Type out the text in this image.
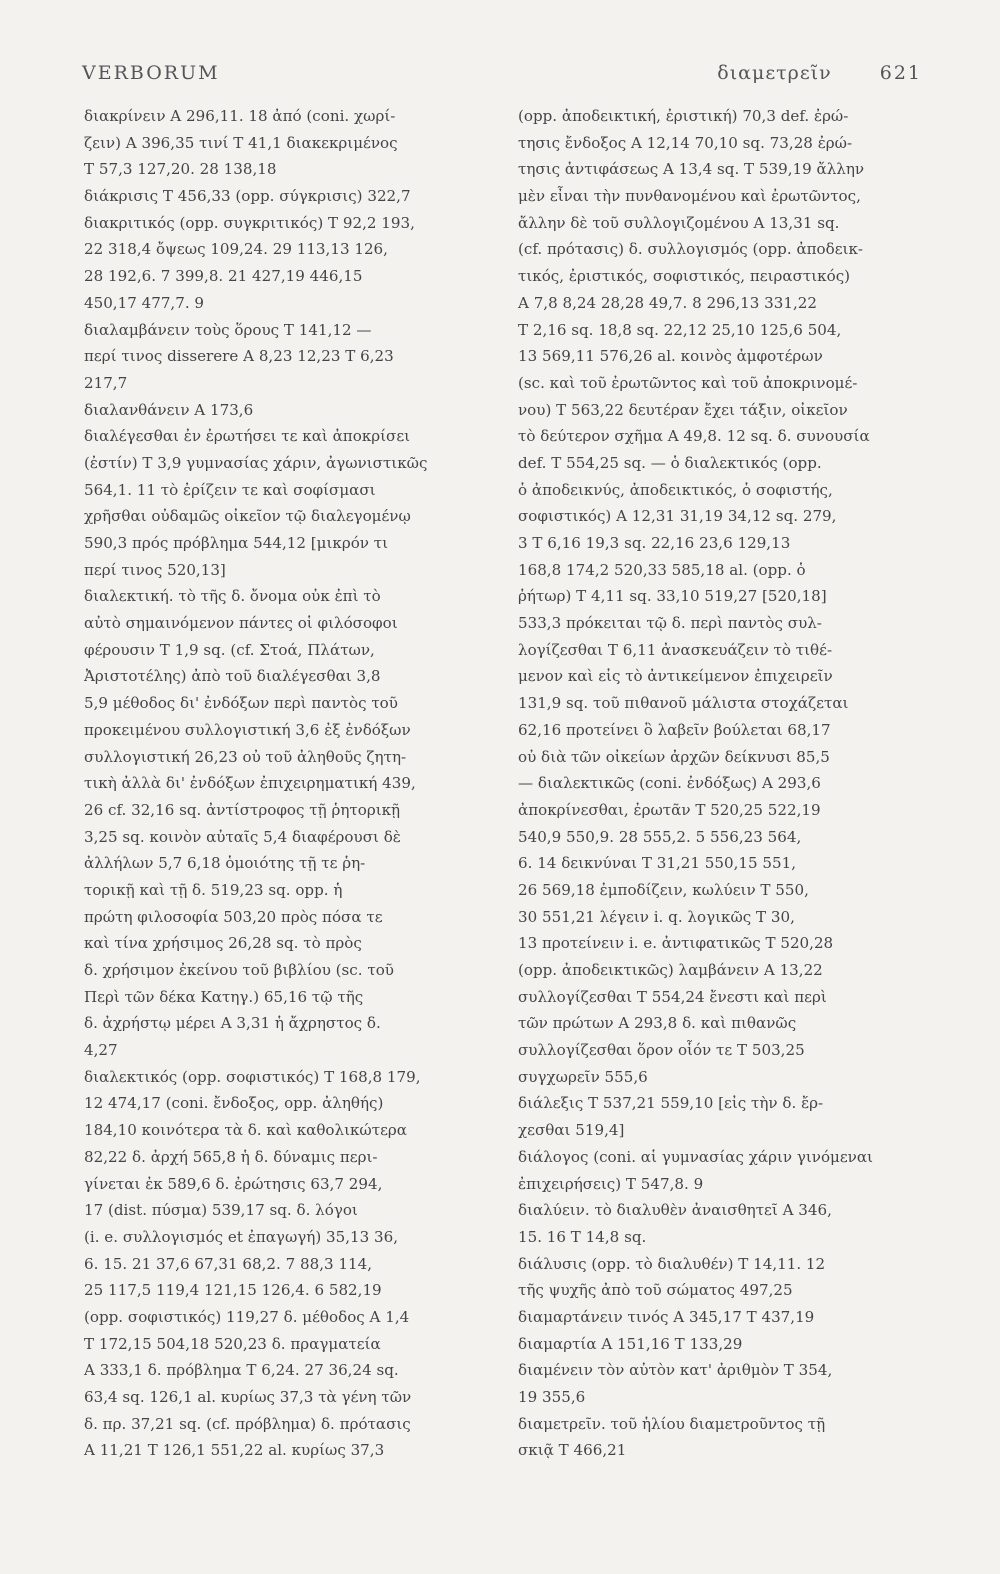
VERBORUM	διαμετρεῖν	621
διακρίνειν Α 296,11. 18 ἀπό (coni. χωρί-
ζειν) Α 396,35 τινί Τ 41,1 διακεκριμένος
Τ 57,3 127,20. 28 138,18
διάκρισις Τ 456,33 (opp. σύγκρισις) 322,7
διακριτικός (opp. συγκριτικός) Τ 92,2 193,
22 318,4 ὄψεως 109,24. 29 113,13 126,
28 192,6. 7 399,8. 21 427,19 446,15
450,17 477,7. 9
διαλαμβάνειν τοὺς ὅρους Τ 141,12 —
περί τινος disserere Α 8,23 12,23 Τ 6,23
217,7
διαλανθάνειν Α 173,6
διαλέγεσθαι ἐν ἐρωτήσει τε καὶ ἀποκρίσει
(ἐστίν) Τ 3,9 γυμνασίας χάριν, ἀγωνιστικῶς
564,1. 11 τὸ ἐρίζειν τε καὶ σοφίσμασι
χρῆσθαι οὐδαμῶς οἰκεῖον τῷ διαλεγομένῳ
590,3 πρός πρόβλημα 544,12 [μικρόν τι
περί τινος 520,13]
διαλεκτική. τὸ τῆς δ. ὄνομα οὐκ ἐπὶ τὸ
αὐτὸ σημαινόμενον πάντες οἱ φιλόσοφοι
φέρουσιν Τ 1,9 sq. (cf. Στοά, Πλάτων,
Ἀριστοτέλης) ἀπὸ τοῦ διαλέγεσθαι 3,8
5,9 μέθοδος δι' ἐνδόξων περὶ παντὸς τοῦ
προκειμένου συλλογιστική 3,6 ἐξ ἐνδόξων
συλλογιστική 26,23 οὐ τοῦ ἀληθοῦς ζητη-
τικὴ ἀλλὰ δι' ἐνδόξων ἐπιχειρηματική 439,
26 cf. 32,16 sq. ἀντίστροφος τῇ ῥητορικῇ
3,25 sq. κοινὸν αὐταῖς 5,4 διαφέρουσι δὲ
ἀλλήλων 5,7 6,18 ὁμοιότης τῇ τε ῥη-
τορικῇ καὶ τῇ δ. 519,23 sq. opp. ἡ
πρώτη φιλοσοφία 503,20 πρὸς πόσα τε
καὶ τίνα χρήσιμος 26,28 sq. τὸ πρὸς
δ. χρήσιμον ἐκείνου τοῦ βιβλίου (sc. τοῦ
Περὶ τῶν δέκα Κατηγ.) 65,16 τῷ τῆς
δ. ἀχρήστῳ μέρει Α 3,31 ἡ ἄχρηστος δ.
4,27
διαλεκτικός (opp. σοφιστικός) Τ 168,8 179,
12 474,17 (coni. ἔνδοξος, opp. ἀληθής)
184,10 κοινότερα τὰ δ. καὶ καθολικώτερα
82,22 δ. ἀρχή 565,8 ἡ δ. δύναμις περι-
γίνεται ἐκ 589,6 δ. ἐρώτησις 63,7 294,
17 (dist. πύσμα) 539,17 sq. δ. λόγοι
(i. e. συλλογισμός et ἐπαγωγή) 35,13 36,
6. 15. 21 37,6 67,31 68,2. 7 88,3 114,
25 117,5 119,4 121,15 126,4. 6 582,19
(opp. σοφιστικός) 119,27 δ. μέθοδος Α 1,4
Τ 172,15 504,18 520,23 δ. πραγματεία
Α 333,1 δ. πρόβλημα Τ 6,24. 27 36,24 sq.
63,4 sq. 126,1 al. κυρίως 37,3 τὰ γένη τῶν
δ. πρ. 37,21 sq. (cf. πρόβλημα) δ. πρότασις
Α 11,21 Τ 126,1 551,22 al. κυρίως 37,3
(opp. ἀποδεικτική, ἐριστική) 70,3 def. ἐρώ-
τησις ἔνδοξος Α 12,14 70,10 sq. 73,28 ἐρώ-
τησις ἀντιφάσεως Α 13,4 sq. Τ 539,19 ἄλλην
μὲν εἶναι τὴν πυνθανομένου καὶ ἐρωτῶντος,
ἄλλην δὲ τοῦ συλλογιζομένου Α 13,31 sq.
(cf. πρότασις) δ. συλλογισμός (opp. ἀποδεικ-
τικός, ἐριστικός, σοφιστικός, πειραστικός)
Α 7,8 8,24 28,28 49,7. 8 296,13 331,22
Τ 2,16 sq. 18,8 sq. 22,12 25,10 125,6 504,
13 569,11 576,26 al. κοινὸς ἀμφοτέρων
(sc. καὶ τοῦ ἐρωτῶντος καὶ τοῦ ἀποκρινομέ-
νου) Τ 563,22 δευτέραν ἔχει τάξιν, οἰκεῖον
τὸ δεύτερον σχῆμα Α 49,8. 12 sq. δ. συνουσία
def. Τ 554,25 sq. — ὁ διαλεκτικός (opp.
ὁ ἀποδεικνύς, ἀποδεικτικός, ὁ σοφιστής,
σοφιστικός) Α 12,31 31,19 34,12 sq. 279,
3 Τ 6,16 19,3 sq. 22,16 23,6 129,13
168,8 174,2 520,33 585,18 al. (opp. ὁ
ῥήτωρ) Τ 4,11 sq. 33,10 519,27 [520,18]
533,3 πρόκειται τῷ δ. περὶ παντὸς συλ-
λογίζεσθαι Τ 6,11 ἀνασκευάζειν τὸ τιθέ-
μενον καὶ εἰς τὸ ἀντικείμενον ἐπιχειρεῖν
131,9 sq. τοῦ πιθανοῦ μάλιστα στοχάζεται
62,16 προτείνει ὃ λαβεῖν βούλεται 68,17
οὐ διὰ τῶν οἰκείων ἀρχῶν δείκνυσι 85,5
— διαλεκτικῶς (coni. ἐνδόξως) Α 293,6
ἀποκρίνεσθαι, ἐρωτᾶν Τ 520,25 522,19
540,9 550,9. 28 555,2. 5 556,23 564,
6. 14 δεικνύναι Τ 31,21 550,15 551,
26 569,18 ἐμποδίζειν, κωλύειν Τ 550,
30 551,21 λέγειν i. q. λογικῶς Τ 30,
13 προτείνειν i. e. ἀντιφατικῶς Τ 520,28
(opp. ἀποδεικτικῶς) λαμβάνειν Α 13,22
συλλογίζεσθαι Τ 554,24 ἔνεστι καὶ περὶ
τῶν πρώτων Α 293,8 δ. καὶ πιθανῶς
συλλογίζεσθαι ὅρον οἷόν τε Τ 503,25
συγχωρεῖν 555,6
διάλεξις Τ 537,21 559,10 [εἰς τὴν δ. ἔρ-
χεσθαι 519,4]
διάλογος (coni. αἱ γυμνασίας χάριν γινόμεναι
ἐπιχειρήσεις) Τ 547,8. 9
διαλύειν. τὸ διαλυθὲν ἀναισθητεῖ Α 346,
15. 16 Τ 14,8 sq.
διάλυσις (opp. τὸ διαλυθέν) Τ 14,11. 12
τῆς ψυχῆς ἀπὸ τοῦ σώματος 497,25
διαμαρτάνειν τινός Α 345,17 Τ 437,19
διαμαρτία Α 151,16 Τ 133,29
διαμένειν τὸν αὐτὸν κατ' ἀριθμὸν Τ 354,
19 355,6
διαμετρεῖν. τοῦ ἡλίου διαμετροῦντος τῇ
σκιᾷ Τ 466,21
